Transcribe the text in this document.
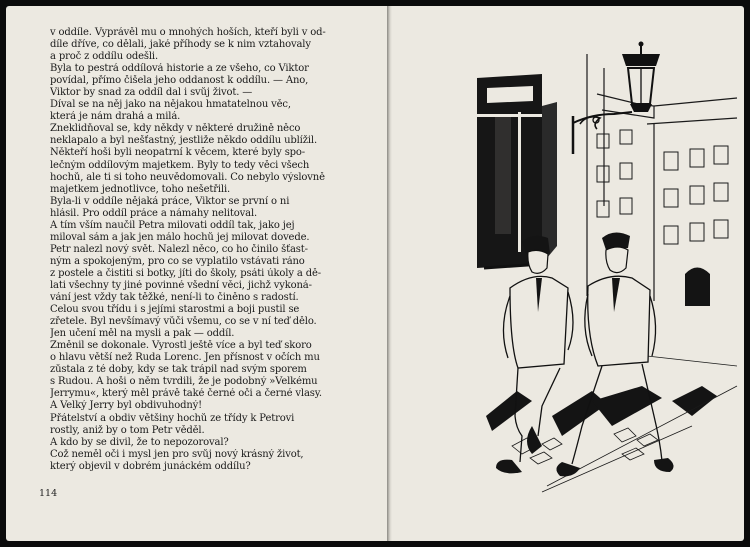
v oddíle. Vyprávěl mu o mnohých hoších, kteří byli v od-

díle dříve, co dělali, jaké příhody se k nim vztahovaly

a proč z oddílu odešli.

Byla to pestrá oddílová historie a ze všeho, co Viktor

povídal, přímo čišela jeho oddanost k oddílu. — Ano,

Viktor by snad za oddíl dal i svůj život. —

Díval se na něj jako na nějakou hmatatelnou věc,

která je nám drahá a milá.

Zneklidňoval se, kdy někdy v některé družině něco

neklapalo a byl nešťastný, jestliže někdo oddílu ublížil.

Někteří hoši byli neopatrní k věcem, které byly spo-

lečným oddílovým majetkem. Byly to tedy věci všech

hochů, ale ti si toho neuvědomovali. Co nebylo výslovně

majetkem jednotlivce, toho nešetřili.

Byla-li v oddíle nějaká práce, Viktor se první o ni

hlásil. Pro oddíl práce a námahy nelitoval.

A tím vším naučil Petra milovati oddíl tak, jako jej

miloval sám a jak jen málo hochů jej milovat dovede.

Petr nalezl nový svět. Nalezl něco, co ho činilo šťast-

ným a spokojeným, pro co se vyplatilo vstávati ráno

z postele a čistiti si botky, jíti do školy, psáti úkoly a dě-

lati všechny ty jiné povinné všední věci, jichž vykoná-

vání jest vždy tak těžké, není-li to činěno s radostí.

Celou svou třídu i s jejími starostmi a boji pustil se

zřetele. Byl nevšímavý vůči všemu, co se v ní teď dělo.

Jen učení měl na mysli a pak — oddíl.

Změnil se dokonale. Vyrostl ještě více a byl teď skoro

o hlavu větší než Ruda Lorenc. Jen přísnost v očích mu

zůstala z té doby, kdy se tak trápil nad svým sporem

s Rudou. A hoši o něm tvrdili, že je podobný »Velkému

Jerrymu«, který měl právě také černé oči a černé vlasy.

A Velký Jerry byl obdivuhodný!

Přátelství a obdiv většiny hochů ze třídy k Petrovi

rostly, aniž by o tom Petr věděl.

A kdo by se divil, že to nepozoroval?

Což neměl oči i mysl jen pro svůj nový krásný život,

který objevil v dobrém junáckém oddílu?

114
